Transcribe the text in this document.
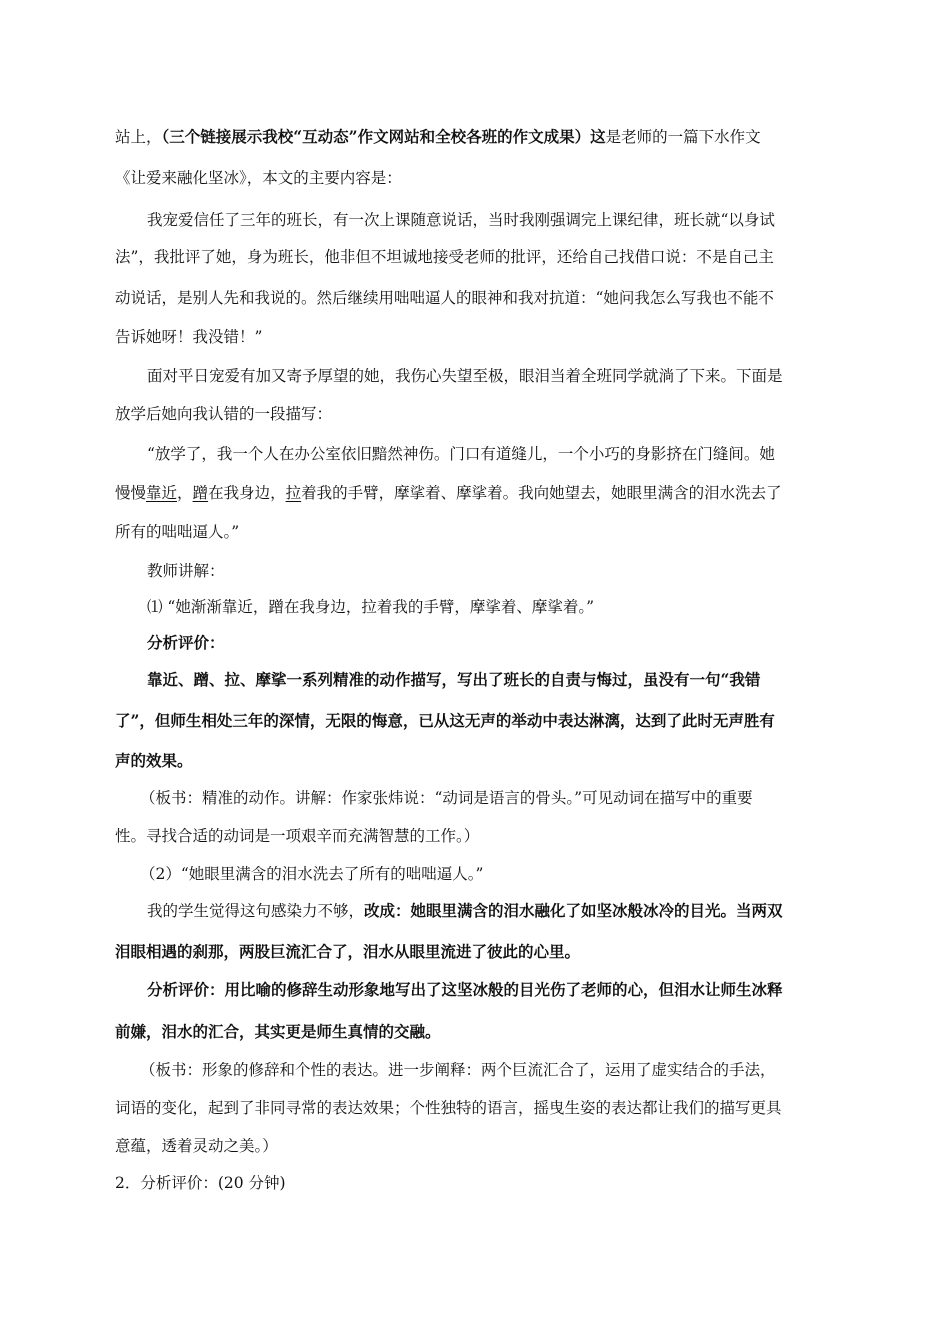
站上，（三个链接展示我校“互动态”作文网站和全校各班的作文成果）这是老师的一篇下水作文
《让爱来融化坚冰》，本文的主要内容是：
我宠爱信任了三年的班长，有一次上课随意说话，当时我刚强调完上课纪律，班长就“以身试
法”，我批评了她，身为班长，他非但不坦诚地接受老师的批评，还给自己找借口说：不是自己主
动说话，是别人先和我说的。然后继续用咄咄逼人的眼神和我对抗道：“她问我怎么写我也不能不
告诉她呀！我没错！”
面对平日宠爱有加又寄予厚望的她，我伤心失望至极，眼泪当着全班同学就淌了下来。下面是
放学后她向我认错的一段描写：
“放学了，我一个人在办公室依旧黯然神伤。门口有道缝儿，一个小巧的身影挤在门缝间。她
慢慢靠近，蹭在我身边，拉着我的手臂，摩挲着、摩挲着。我向她望去，她眼里满含的泪水洗去了
所有的咄咄逼人。”
教师讲解：
⑴ “她渐渐靠近，蹭在我身边，拉着我的手臂，摩挲着、摩挲着。”
分析评价：
靠近、蹭、拉、摩挲一系列精准的动作描写，写出了班长的自责与悔过，虽没有一句“我错
了”，但师生相处三年的深情，无限的悔意，已从这无声的举动中表达淋漓，达到了此时无声胜有
声的效果。
（板书：精准的动作。讲解：作家张炜说：“动词是语言的骨头。”可见动词在描写中的重要
性。寻找合适的动词是一项艰辛而充满智慧的工作。）
（2）“她眼里满含的泪水洗去了所有的咄咄逼人。”
我的学生觉得这句感染力不够，改成：她眼里满含的泪水融化了如坚冰般冰冷的目光。当两双
泪眼相遇的刹那，两股巨流汇合了，泪水从眼里流进了彼此的心里。
分析评价：用比喻的修辞生动形象地写出了这坚冰般的目光伤了老师的心，但泪水让师生冰释
前嫌，泪水的汇合，其实更是师生真情的交融。
（板书：形象的修辞和个性的表达。进一步阐释：两个巨流汇合了，运用了虚实结合的手法，
词语的变化，起到了非同寻常的表达效果；个性独特的语言，摇曳生姿的表达都让我们的描写更具
意蕴，透着灵动之美。）
2．分析评价：(20 分钟)
